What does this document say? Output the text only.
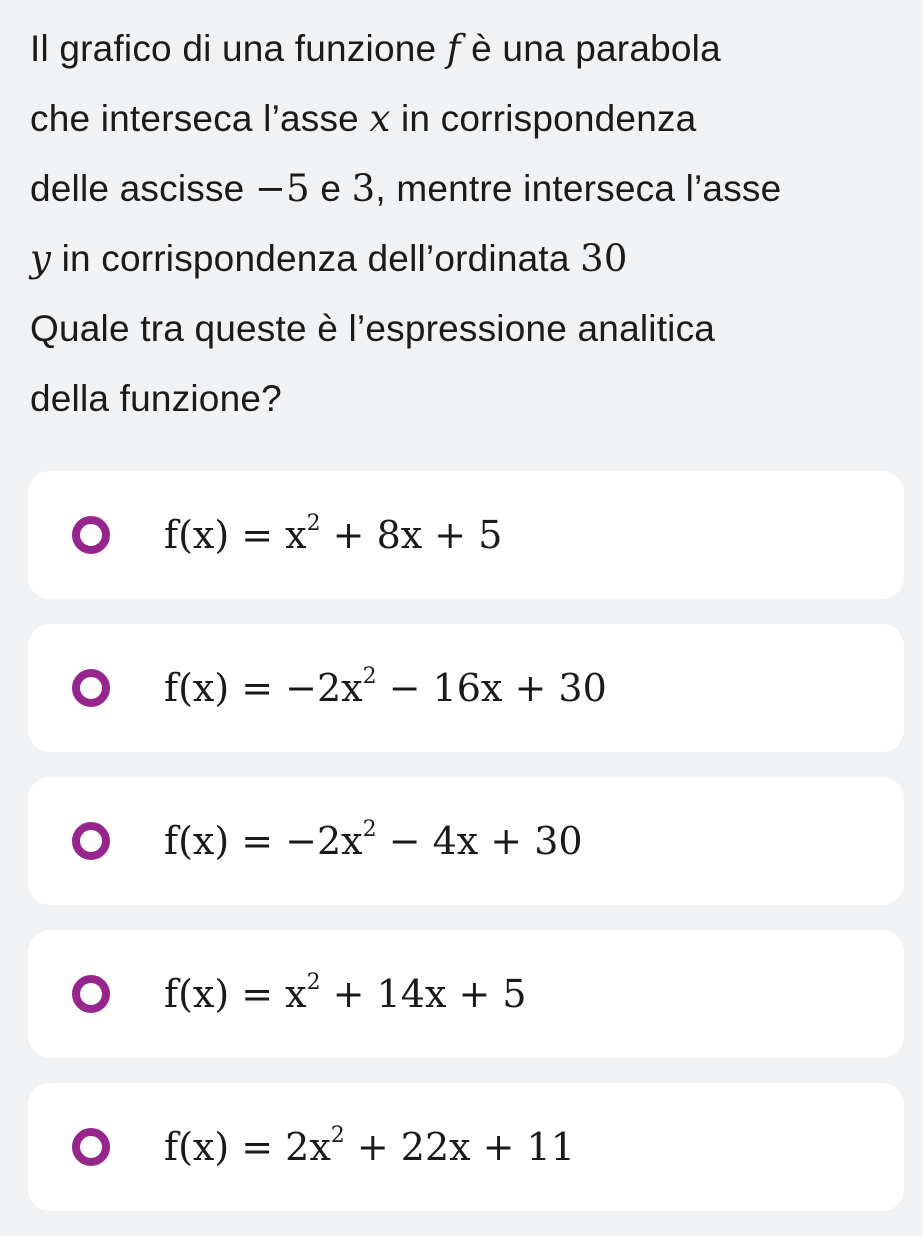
Il grafico di una funzione f è una parabola
che interseca l’asse x in corrispondenza
delle ascisse −5 e 3, mentre interseca l’asse
y in corrispondenza dell’ordinata 30
Quale tra queste è l’espressione analitica
della funzione?
$f(x) = x^2 + 8x + 5$
$f(x) = -2x^2 - 16x + 30$
$f(x) = -2x^2 - 4x + 30$
$f(x) = x^2 + 14x + 5$
$f(x) = 2x^2 + 22x + 11$
